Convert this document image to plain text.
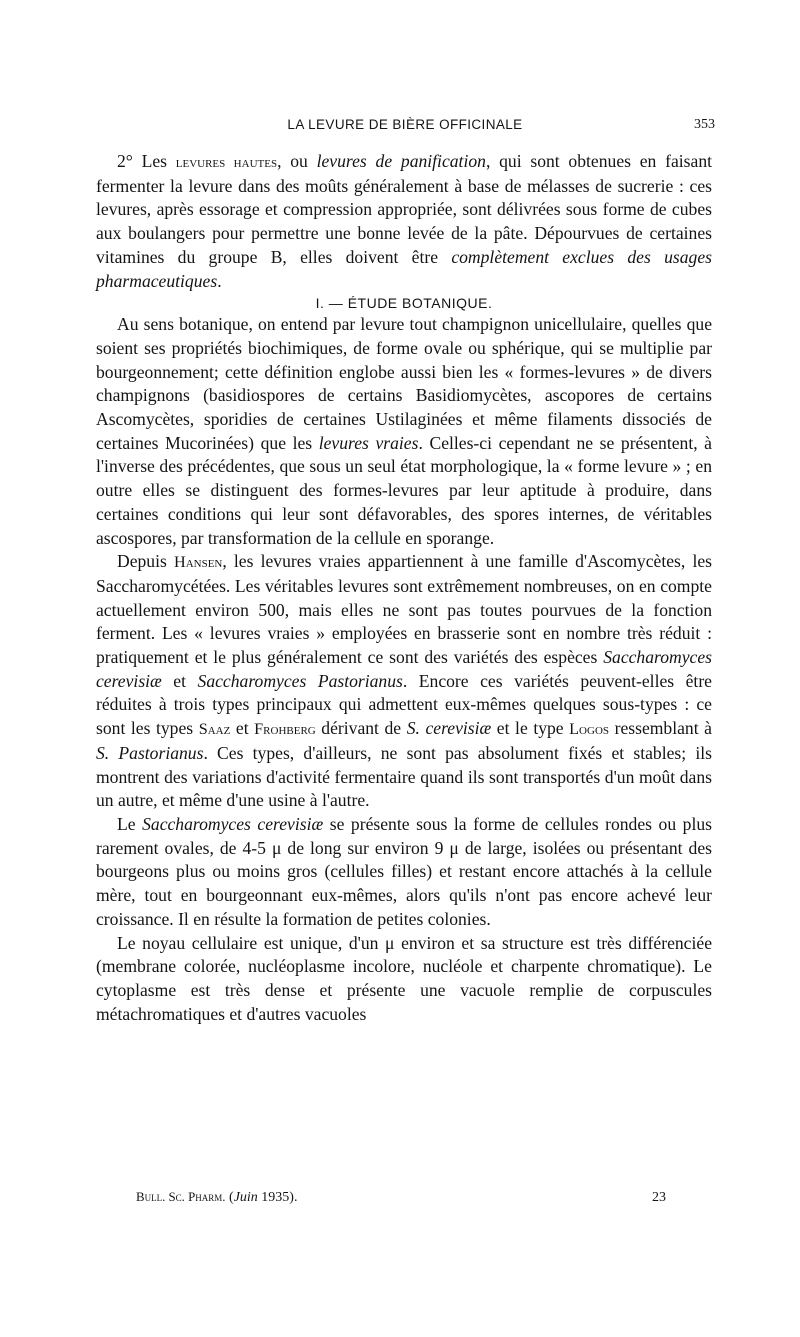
LA LEVURE DE BIÈRE OFFICINALE	353

2° Les levures hautes, ou levures de panification, qui sont obtenues en faisant fermenter la levure dans des moûts généralement à base de mélasses de sucrerie : ces levures, après essorage et compression appropriée, sont délivrées sous forme de cubes aux boulangers pour permettre une bonne levée de la pâte. Dépourvues de certaines vitamines du groupe B, elles doivent être complètement exclues des usages pharmaceutiques.

I. — ÉTUDE BOTANIQUE.

Au sens botanique, on entend par levure tout champignon unicellulaire, quelles que soient ses propriétés biochimiques, de forme ovale ou sphérique, qui se multiplie par bourgeonnement; cette définition englobe aussi bien les « formes-levures » de divers champignons (basidiospores de certains Basidiomycètes, ascopores de certains Ascomycètes, sporidies de certaines Ustilaginées et même filaments dissociés de certaines Mucorinées) que les levures vraies. Celles-ci cependant ne se présentent, à l'inverse des précédentes, que sous un seul état morphologique, la « forme levure » ; en outre elles se distinguent des formes-levures par leur aptitude à produire, dans certaines conditions qui leur sont défavorables, des spores internes, de véritables ascospores, par transformation de la cellule en sporange.

Depuis Hansen, les levures vraies appartiennent à une famille d'Ascomycètes, les Saccharomycétées. Les véritables levures sont extrêmement nombreuses, on en compte actuellement environ 500, mais elles ne sont pas toutes pourvues de la fonction ferment. Les « levures vraies » employées en brasserie sont en nombre très réduit : pratiquement et le plus généralement ce sont des variétés des espèces Saccharomyces cerevisiæ et Saccharomyces Pastorianus. Encore ces variétés peuvent-elles être réduites à trois types principaux qui admettent eux-mêmes quelques sous-types : ce sont les types Saaz et Frohberg dérivant de S. cerevisiæ et le type Logos ressemblant à S. Pastorianus. Ces types, d'ailleurs, ne sont pas absolument fixés et stables; ils montrent des variations d'activité fermentaire quand ils sont transportés d'un moût dans un autre, et même d'une usine à l'autre.

Le Saccharomyces cerevisiæ se présente sous la forme de cellules rondes ou plus rarement ovales, de 4-5 μ de long sur environ 9 μ de large, isolées ou présentant des bourgeons plus ou moins gros (cellules filles) et restant encore attachés à la cellule mère, tout en bourgeonnant eux-mêmes, alors qu'ils n'ont pas encore achevé leur croissance. Il en résulte la formation de petites colonies.

Le noyau cellulaire est unique, d'un μ environ et sa structure est très différenciée (membrane colorée, nucléoplasme incolore, nucléole et charpente chromatique). Le cytoplasme est très dense et présente une vacuole remplie de corpuscules métachromatiques et d'autres vacuoles

Bull. Sc. Pharm. (Juin 1935).	23
